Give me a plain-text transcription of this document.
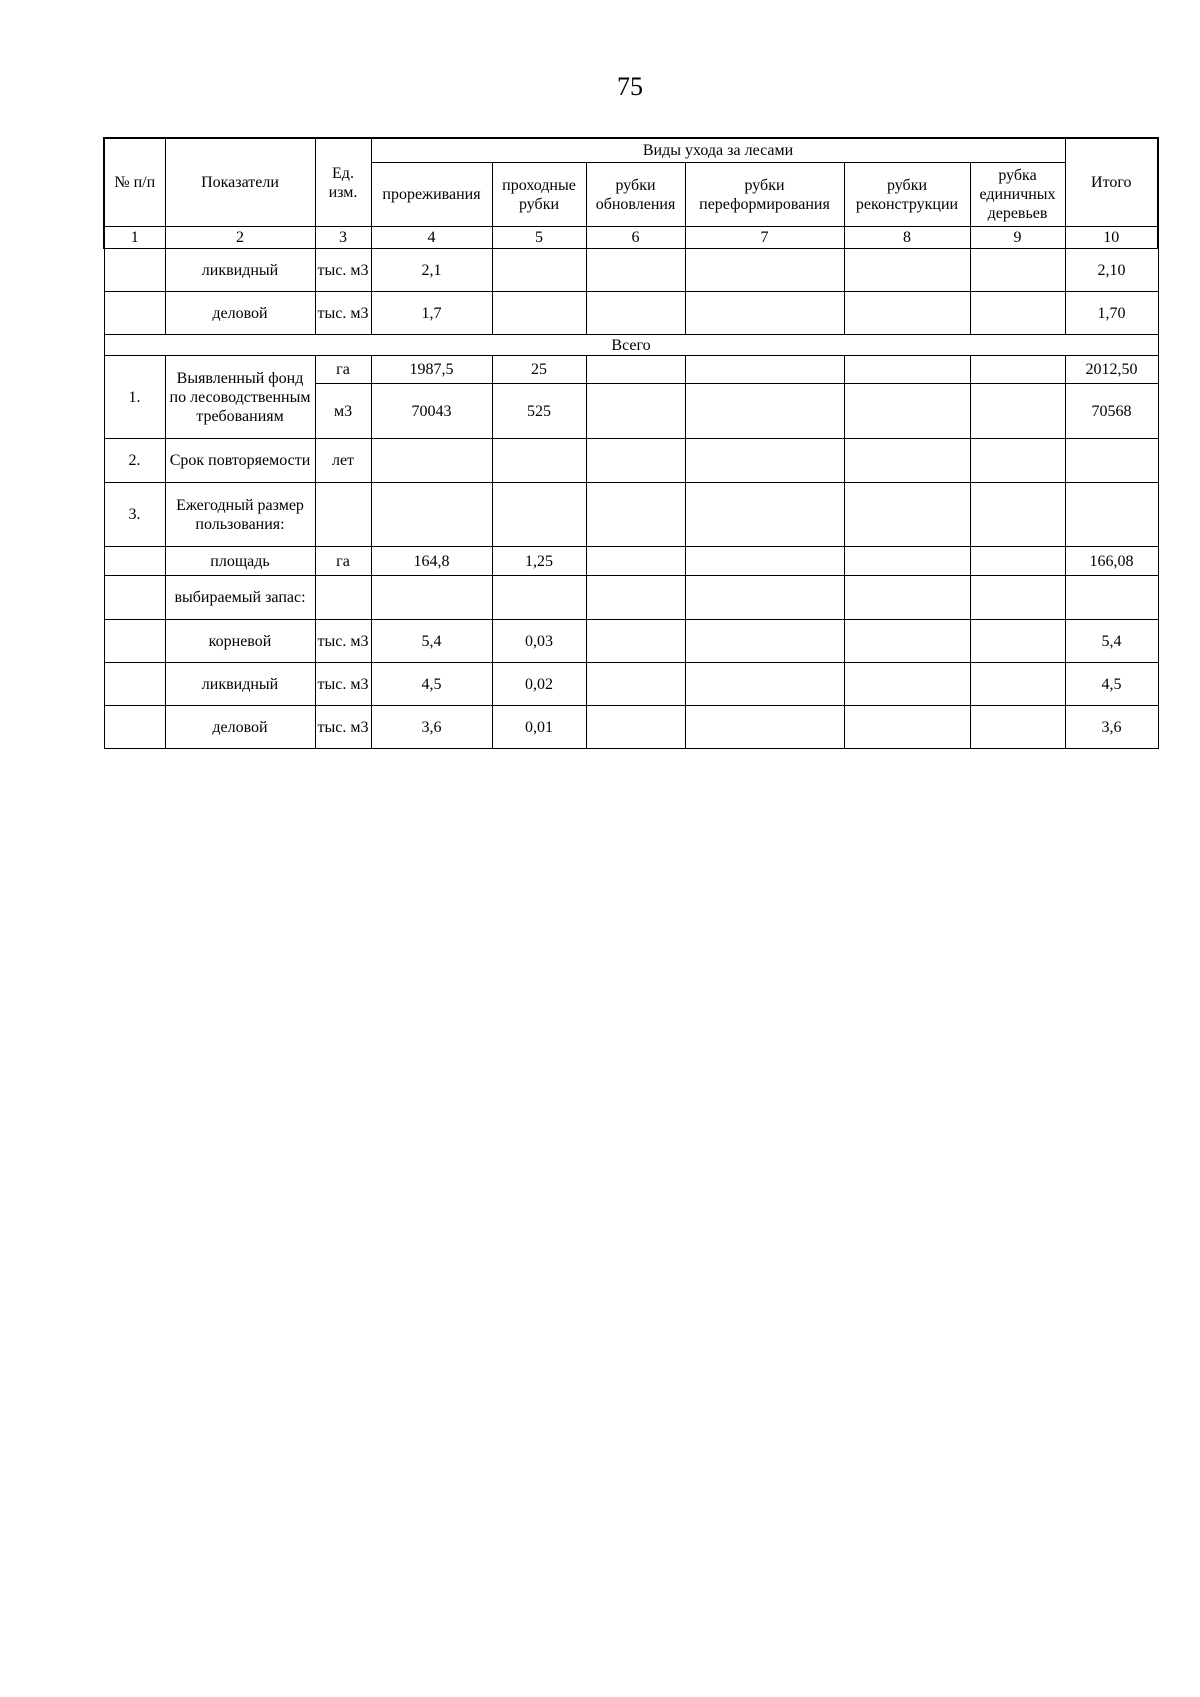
75
№ п/п	Показатели	Ед. изм.	Виды ухода за лесами						Итого
			прореживания	проходные рубки	рубки обновления	рубки переформирования	рубки реконструкции	рубка единичных деревьев	
1	2	3	4	5	6	7	8	9	10
	ликвидный	тыс. м3	2,1						2,10
	деловой	тыс. м3	1,7						1,70
Всего									
1.	Выявленный фонд по лесоводственным требованиям	га	1987,5	25					2012,50
		м3	70043	525					70568
2.	Срок повторяемости	лет							
3.	Ежегодный размер пользования:								
	площадь	га	164,8	1,25					166,08
	выбираемый запас:								
	корневой	тыс. м3	5,4	0,03					5,4
	ликвидный	тыс. м3	4,5	0,02					4,5
	деловой	тыс. м3	3,6	0,01					3,6
